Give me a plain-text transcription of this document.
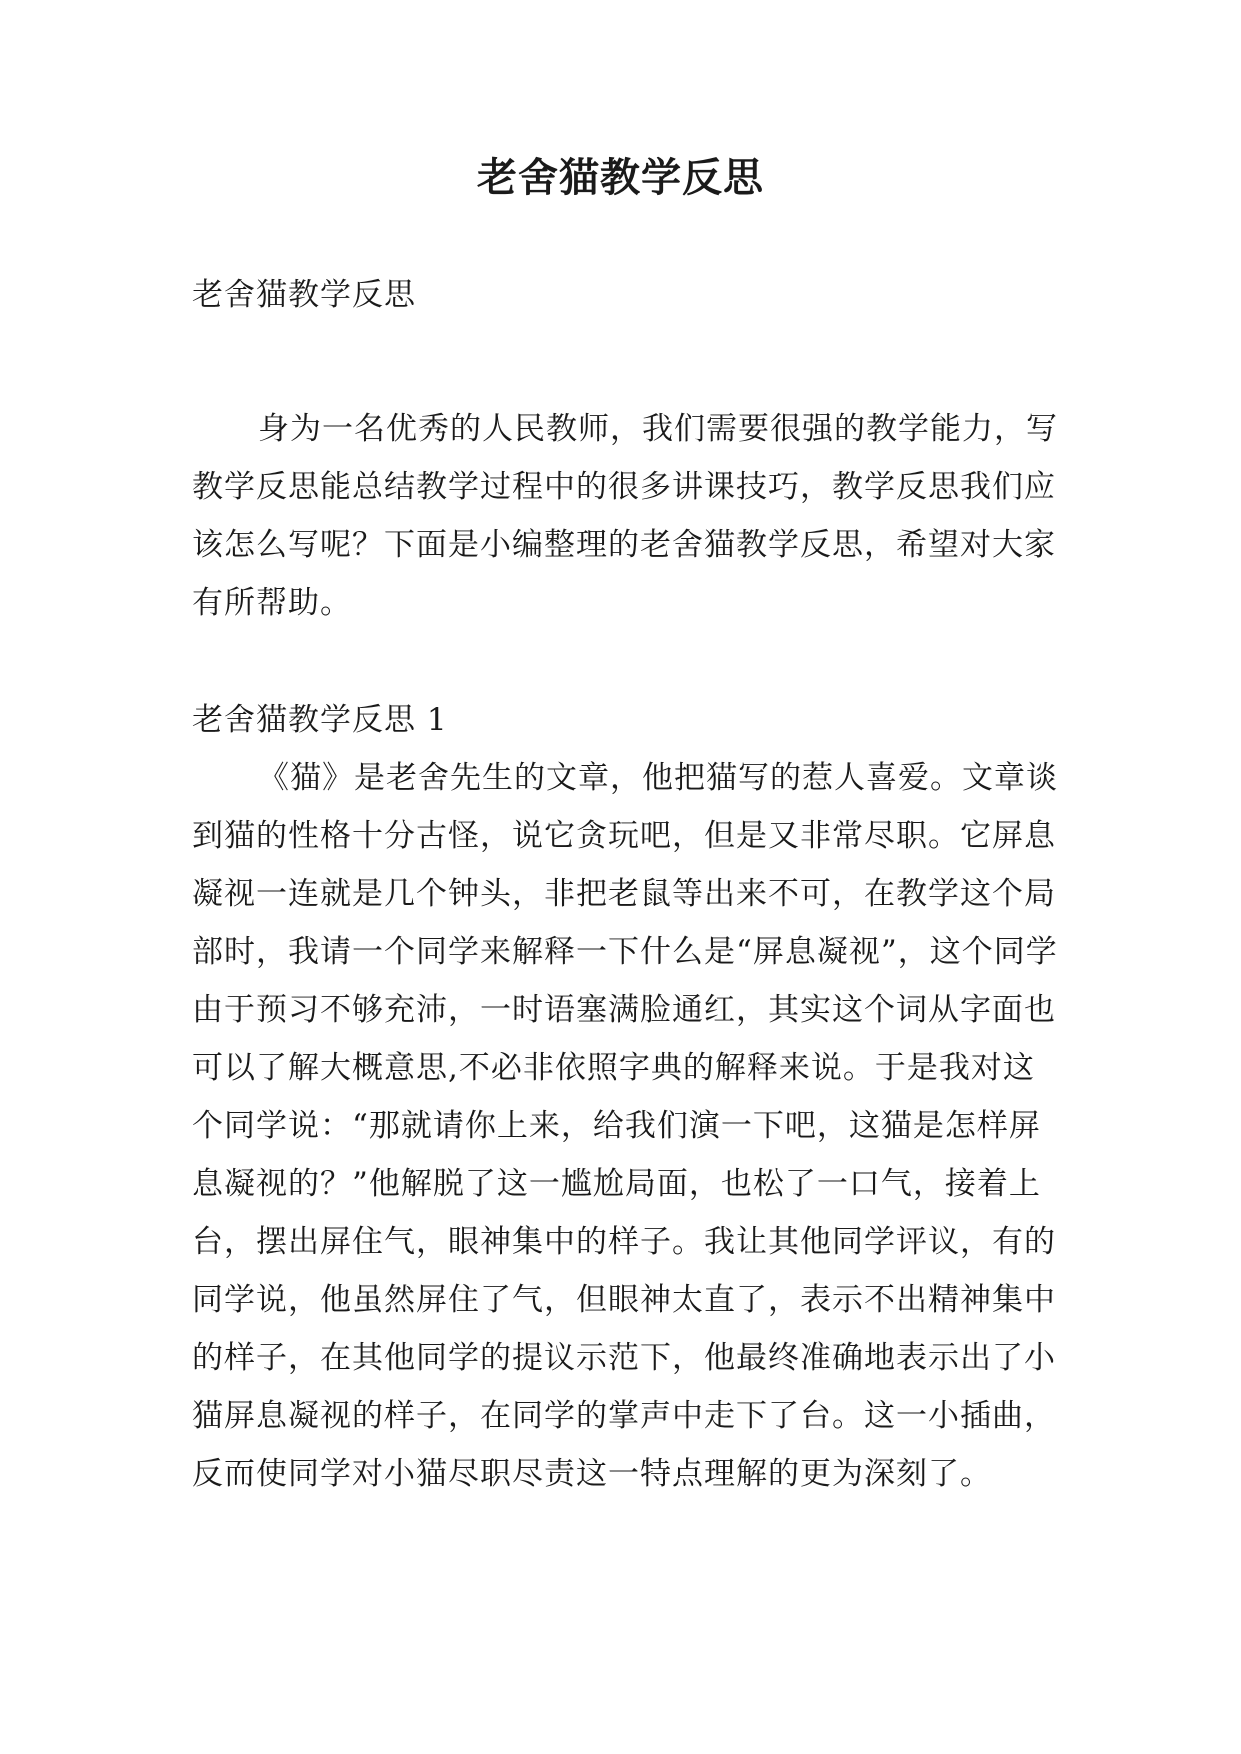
老舍猫教学反思

老舍猫教学反思

身为一名优秀的人民教师，我们需要很强的教学能力，写教学反思能总结教学过程中的很多讲课技巧，教学反思我们应该怎么写呢？下面是小编整理的老舍猫教学反思，希望对大家有所帮助。

老舍猫教学反思 1

《猫》是老舍先生的文章，他把猫写的惹人喜爱。文章谈到猫的性格十分古怪，说它贪玩吧，但是又非常尽职。它屏息凝视一连就是几个钟头，非把老鼠等出来不可，在教学这个局部时，我请一个同学来解释一下什么是“屏息凝视”，这个同学由于预习不够充沛，一时语塞满脸通红，其实这个词从字面也可以了解大概意思,不必非依照字典的解释来说。于是我对这个同学说：“那就请你上来，给我们演一下吧，这猫是怎样屏息凝视的？”他解脱了这一尴尬局面，也松了一口气，接着上台，摆出屏住气，眼神集中的样子。我让其他同学评议，有的同学说，他虽然屏住了气，但眼神太直了，表示不出精神集中的样子，在其他同学的提议示范下，他最终准确地表示出了小猫屏息凝视的样子，在同学的掌声中走下了台。这一小插曲，反而使同学对小猫尽职尽责这一特点理解的更为深刻了。
